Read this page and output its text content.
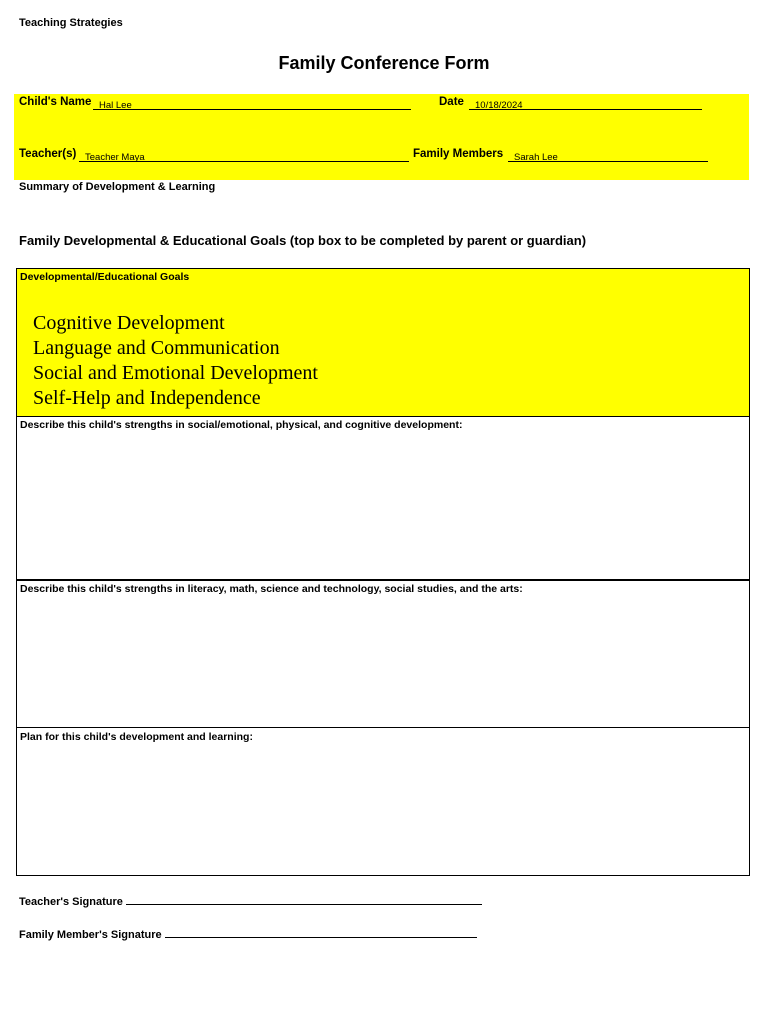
Teaching Strategies
Family Conference Form
Child's Name Hal Lee	Date 10/18/2024
Teacher(s) Teacher Maya	Family Members Sarah Lee
Summary of Development & Learning
Family Developmental & Educational Goals (top box to be completed by parent or guardian)
Developmental/Educational Goals
Cognitive Development
Language and Communication
Social and Emotional Development
Self-Help and Independence
Describe this child's strengths in social/emotional, physical, and cognitive development:
Describe this child's strengths in literacy, math, science and technology, social studies, and the arts:
Plan for this child's development and learning:
Teacher's Signature
Family Member's Signature
